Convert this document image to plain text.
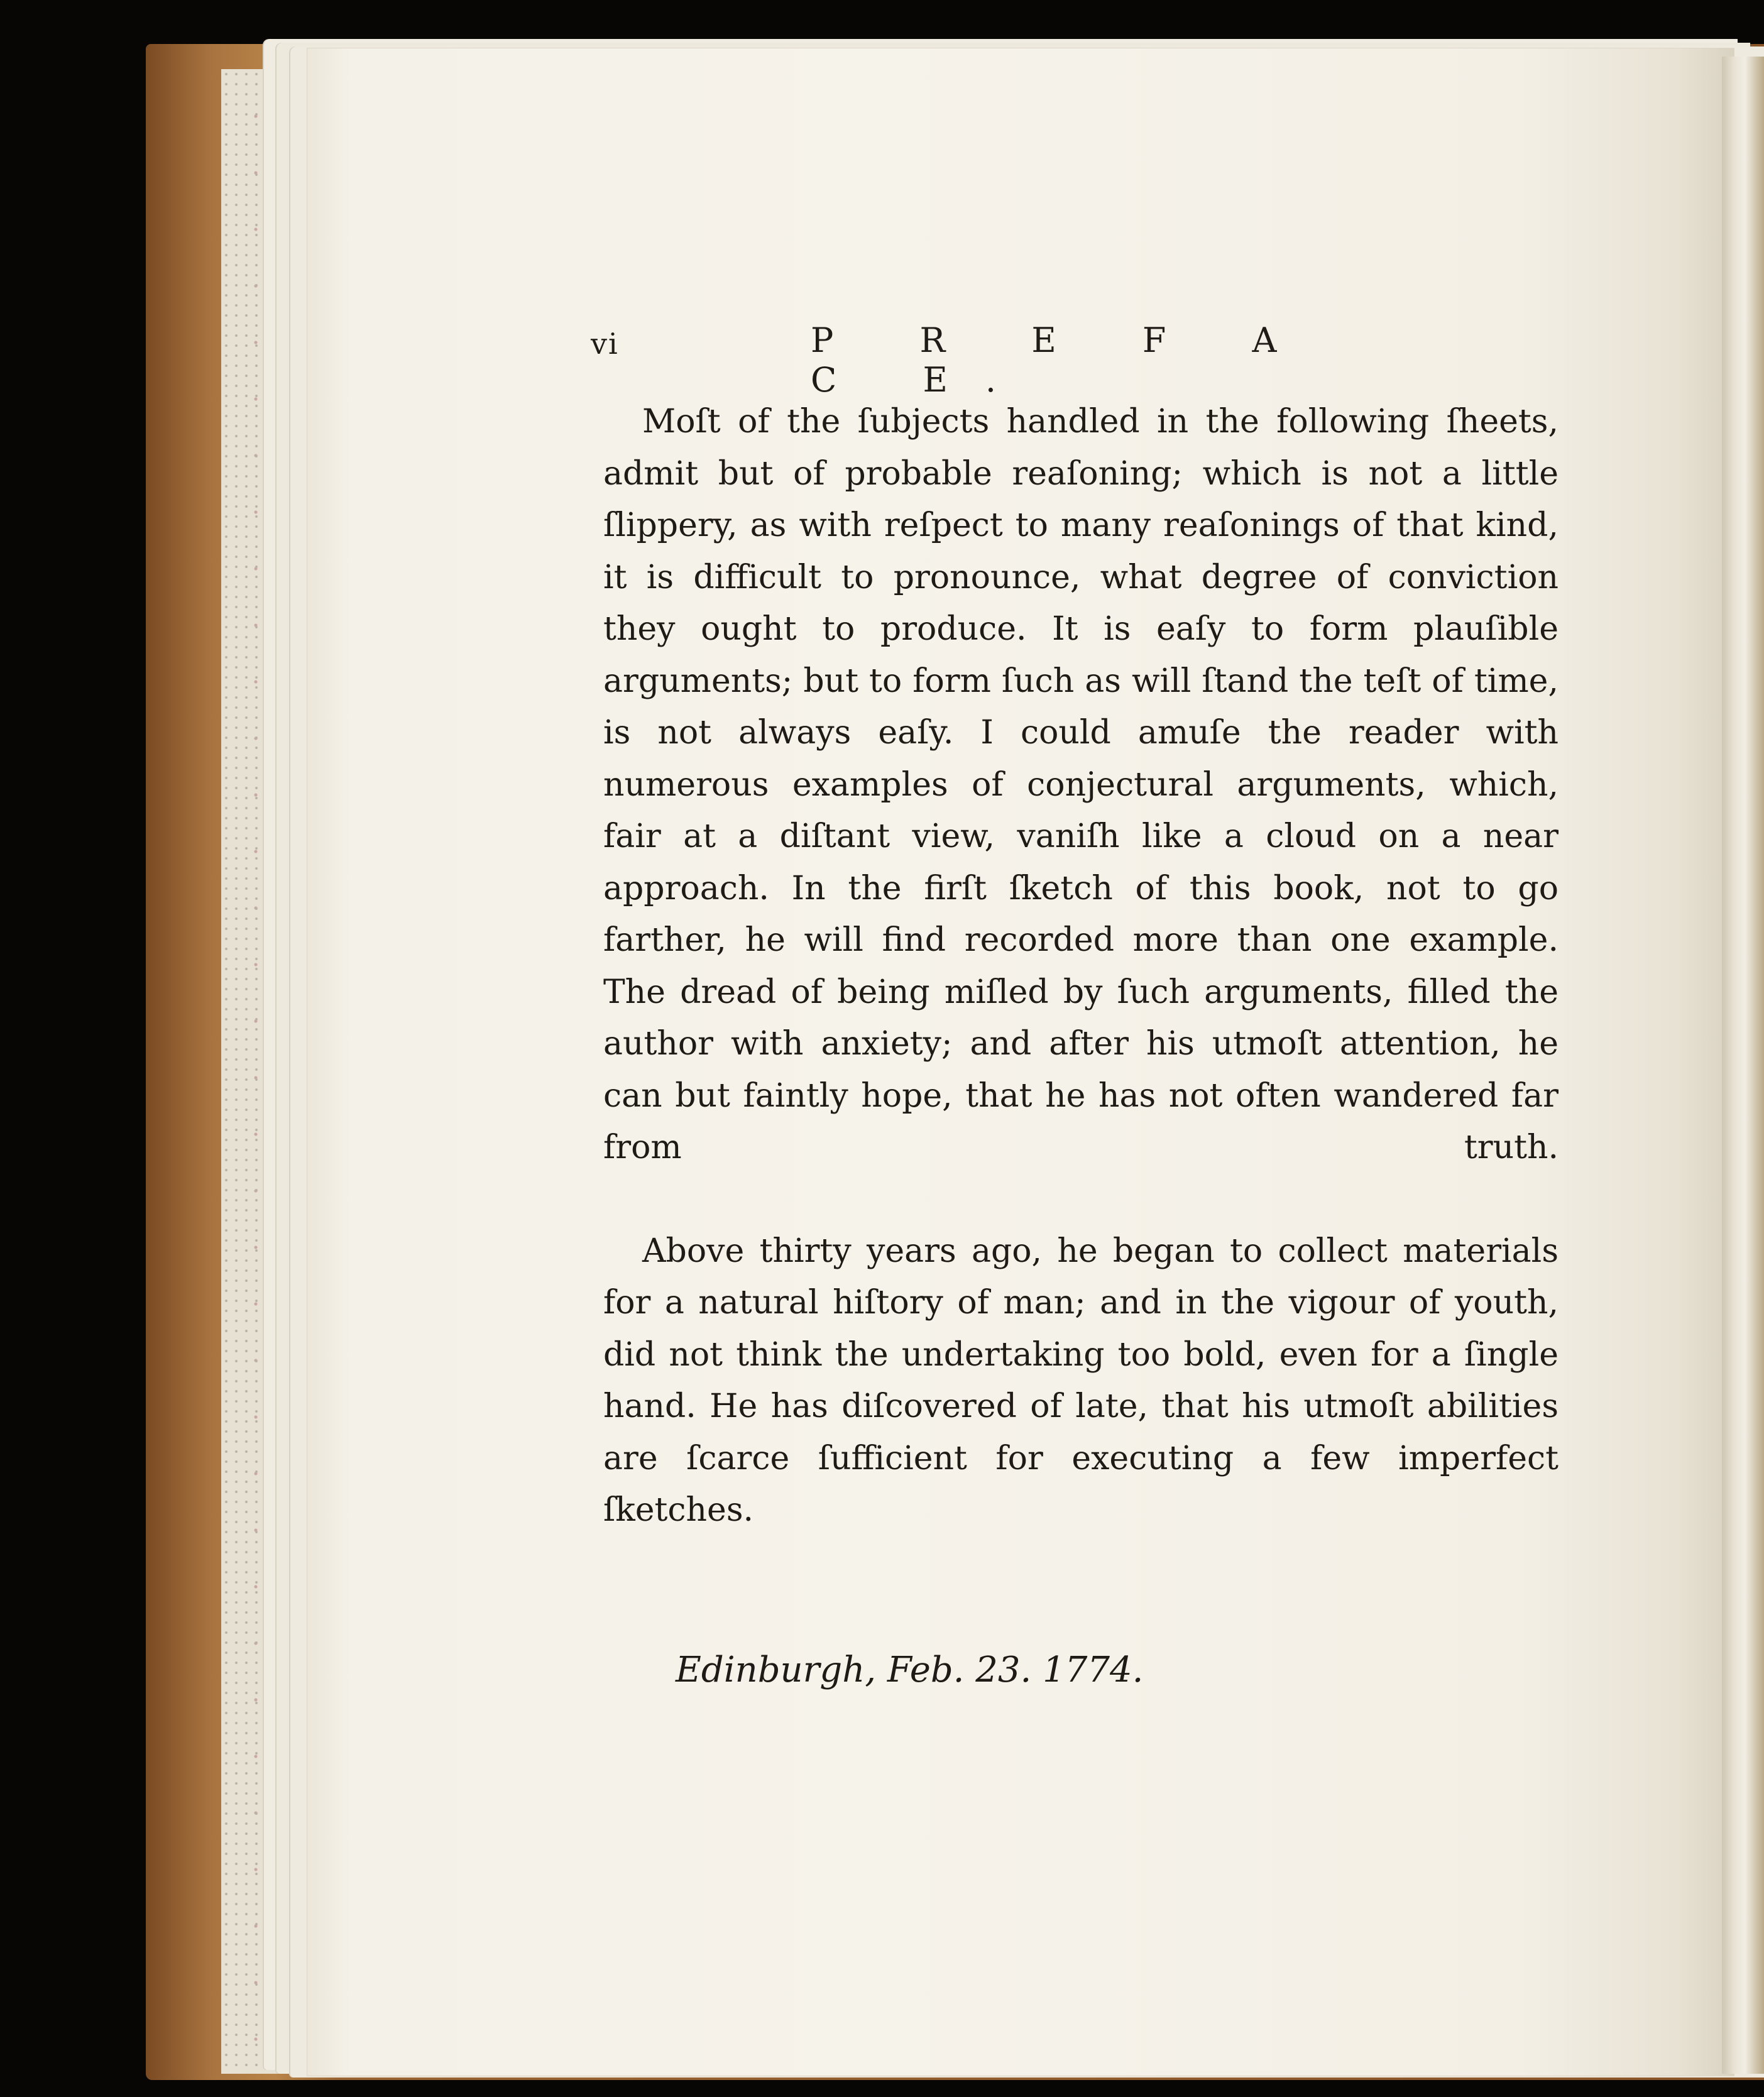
vi	P R E F A C E.

Moſt of the ſubjects handled in the following ſheets, admit but of probable reaſoning; which is not a little ſlippery, as with reſpect to many reaſonings of that kind, it is difficult to pronounce, what degree of conviction they ought to produce. It is eaſy to form plauſible arguments; but to form ſuch as will ſtand the teſt of time, is not always eaſy. I could amuſe the reader with numerous examples of conjectural arguments, which, fair at a diſtant view, vaniſh like a cloud on a near approach. In the firſt ſketch of this book, not to go farther, he will find recorded more than one example. The dread of being miſled by ſuch arguments, filled the author with anxiety; and after his utmoſt attention, he can but faintly hope, that he has not often wandered far from truth.

Above thirty years ago, he began to collect materials for a natural hiſtory of man; and in the vigour of youth, did not think the undertaking too bold, even for a ſingle hand. He has diſcovered of late, that his utmoſt abilities are ſcarce ſufficient for executing a few imperfect ſketches.

Edinburgh, Feb. 23. 1774.
